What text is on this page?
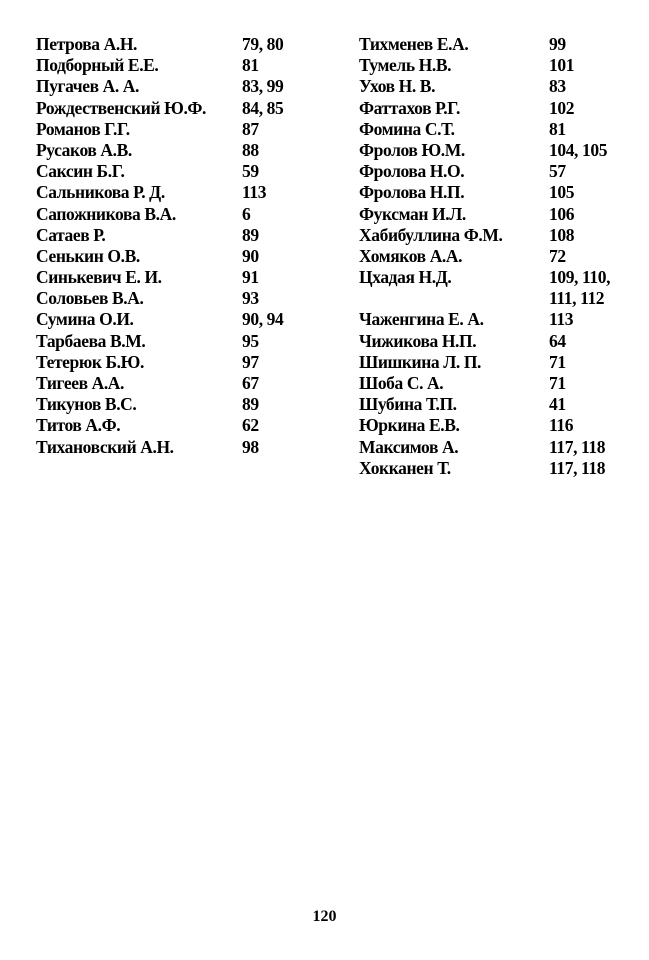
Петрова А.Н.	79, 80
Подборный Е.Е.	81
Пугачев А. А.	83, 99
Рождественский Ю.Ф. 84, 85
Романов Г.Г.	87
Русаков А.В.	88
Саксин Б.Г.	59
Сальникова Р. Д.	113
Сапожникова В.А.	6
Сатаев Р.	89
Сенькин О.В.	90
Синькевич Е. И.	91
Соловьев В.А.	93
Сумина О.И.	90, 94
Тарбаева В.М.	95
Тетерюк Б.Ю.	97
Тигеев А.А.	67
Тикунов В.С.	89
Титов А.Ф.	62
Тихановский А.Н.	98
Тихменев Е.А.	99
Тумель Н.В.	101
Ухов Н. В.	83
Фаттахов Р.Г.	102
Фомина С.Т.	81
Фролов Ю.М.	104, 105
Фролова Н.О.	57
Фролова Н.П.	105
Фуксман И.Л.	106
Хабибуллина Ф.М.	108
Хомяков А.А.	72
Цхадая Н.Д.	109, 110,
111, 112
Чаженгина Е. А.	113
Чижикова Н.П.	64
Шишкина Л. П.	71
Шоба С. А.	71
Шубина Т.П.	41
Юркина Е.В.	116
Максимов А.	117, 118
Хокканен Т.	117, 118
120
